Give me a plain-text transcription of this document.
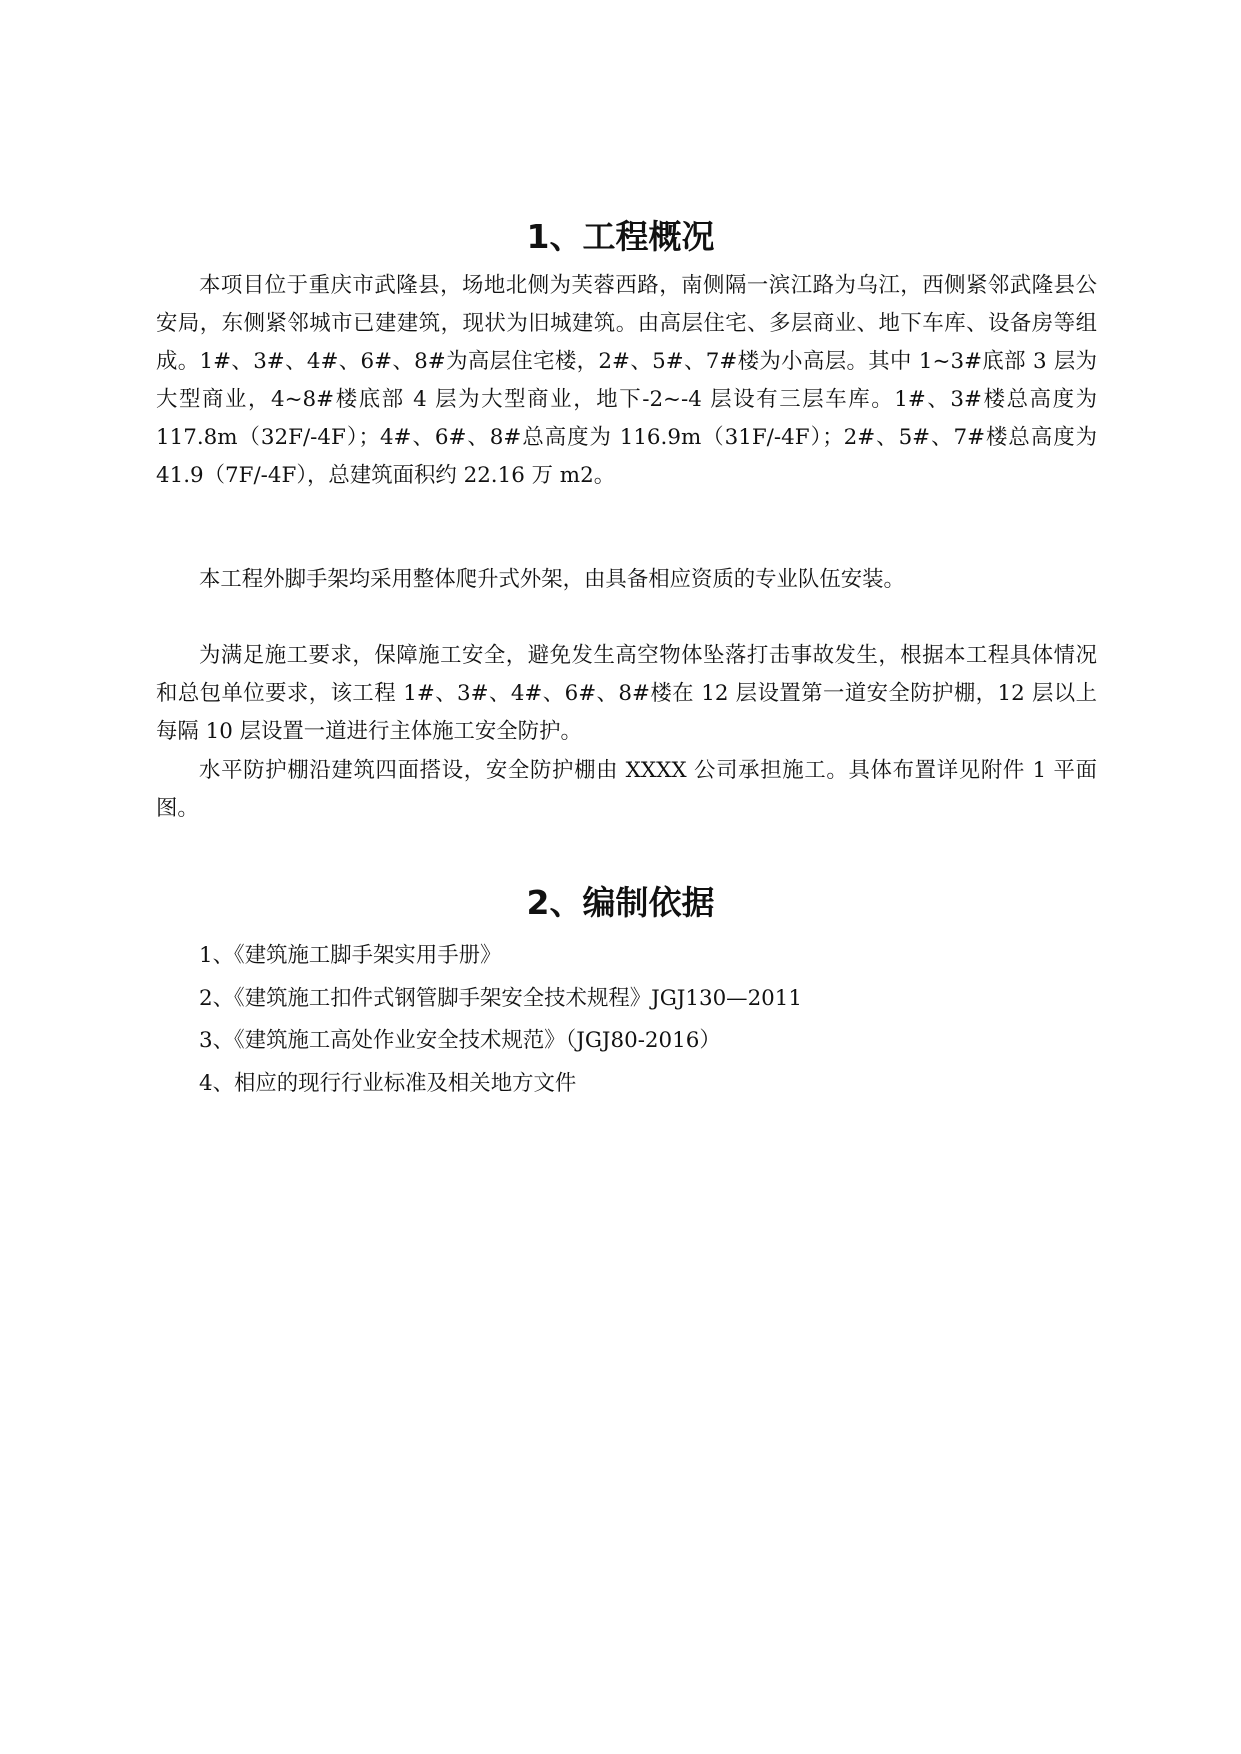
1、工程概况

本项目位于重庆市武隆县，场地北侧为芙蓉西路，南侧隔一滨江路为乌江，西侧紧邻武隆县公安局，东侧紧邻城市已建建筑，现状为旧城建筑。由高层住宅、多层商业、地下车库、设备房等组成。1#、3#、4#、6#、8#为高层住宅楼，2#、5#、7#楼为小高层。其中 1~3#底部 3 层为大型商业，4~8#楼底部 4 层为大型商业，地下-2~-4 层设有三层车库。1#、3#楼总高度为 117.8m（32F/-4F）；4#、6#、8#总高度为 116.9m（31F/-4F）；2#、5#、7#楼总高度为 41.9（7F/-4F），总建筑面积约 22.16 万 m2。

本工程外脚手架均采用整体爬升式外架，由具备相应资质的专业队伍安装。

为满足施工要求，保障施工安全，避免发生高空物体坠落打击事故发生，根据本工程具体情况和总包单位要求，该工程 1#、3#、4#、6#、8#楼在 12 层设置第一道安全防护棚，12 层以上每隔 10 层设置一道进行主体施工安全防护。

水平防护棚沿建筑四面搭设，安全防护棚由 XXXX 公司承担施工。具体布置详见附件 1 平面图。

2、编制依据
1、《建筑施工脚手架实用手册》
2、《建筑施工扣件式钢管脚手架安全技术规程》JGJ130—2011
3、《建筑施工高处作业安全技术规范》（JGJ80-2016）
4、相应的现行行业标准及相关地方文件
